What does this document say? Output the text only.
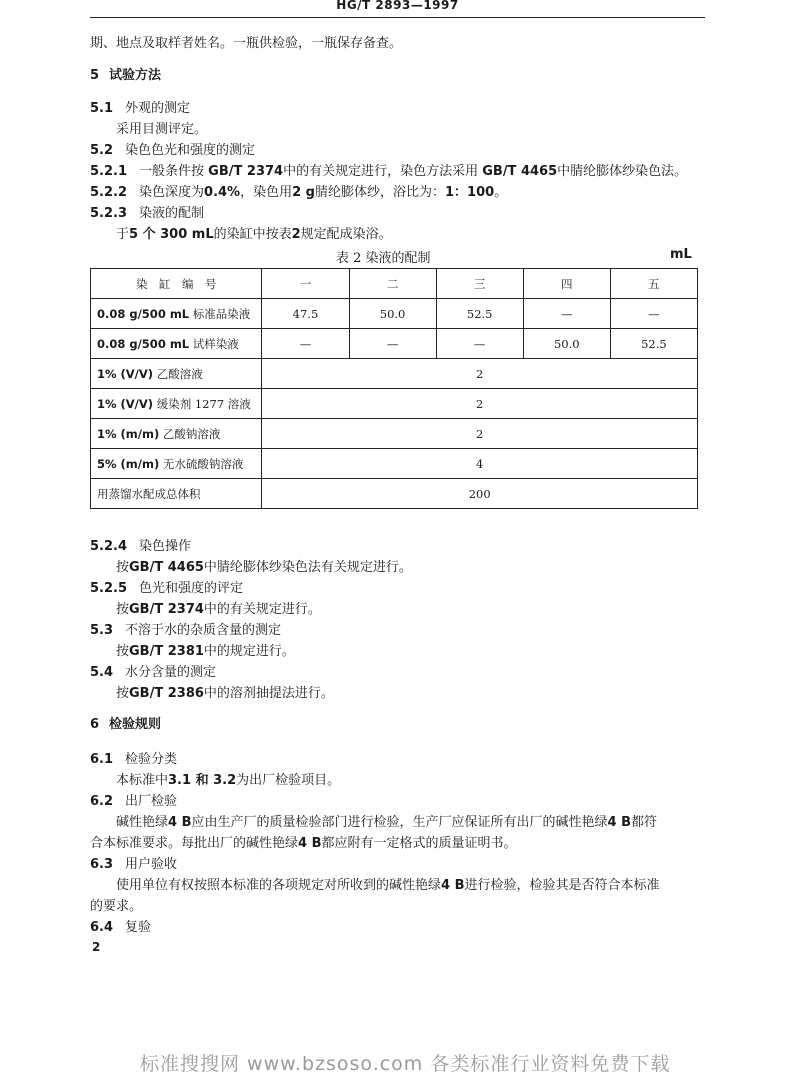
HG/T 2893—1997
期、地点及取样者姓名。一瓶供检验，一瓶保存备查。
5 试验方法
5.1 外观的测定
采用目测评定。
5.2 染色色光和强度的测定
5.2.1 一般条件按 GB/T 2374中的有关规定进行，染色方法采用 GB/T 4465中腈纶膨体纱染色法。
5.2.2 染色深度为0.4%，染色用2 g腈纶膨体纱，浴比为：1：100。
5.2.3 染液的配制
于5 个 300 mL的染缸中按表2规定配成染浴。
表 2 染液的配制	mL
染　缸　编　号	一	二	三	四	五
0.08 g/500 mL 标准品染液	47.5	50.0	52.5	—	—
0.08 g/500 mL 试样染液	—	—	—	50.0	52.5
1% (V/V) 乙酸溶液	2				
1% (V/V) 缓染剂 1277 溶液	2				
1% (m/m) 乙酸钠溶液	2				
5% (m/m) 无水硫酸钠溶液	4				
用蒸馏水配成总体积	200				
5.2.4 染色操作
按GB/T 4465中腈纶膨体纱染色法有关规定进行。
5.2.5 色光和强度的评定
按GB/T 2374中的有关规定进行。
5.3 不溶于水的杂质含量的测定
按GB/T 2381中的规定进行。
5.4 水分含量的测定
按GB/T 2386中的溶剂抽提法进行。
6 检验规则
6.1 检验分类
本标准中3.1 和 3.2为出厂检验项目。
6.2 出厂检验
碱性艳绿4 B应由生产厂的质量检验部门进行检验，生产厂应保证所有出厂的碱性艳绿4 B都符
合本标准要求。每批出厂的碱性艳绿4 B都应附有一定格式的质量证明书。
6.3 用户验收
使用单位有权按照本标准的各项规定对所收到的碱性艳绿4 B进行检验，检验其是否符合本标准
的要求。
6.4 复验
2
标准搜搜网 www.bzsoso.com 各类标准行业资料免费下载
